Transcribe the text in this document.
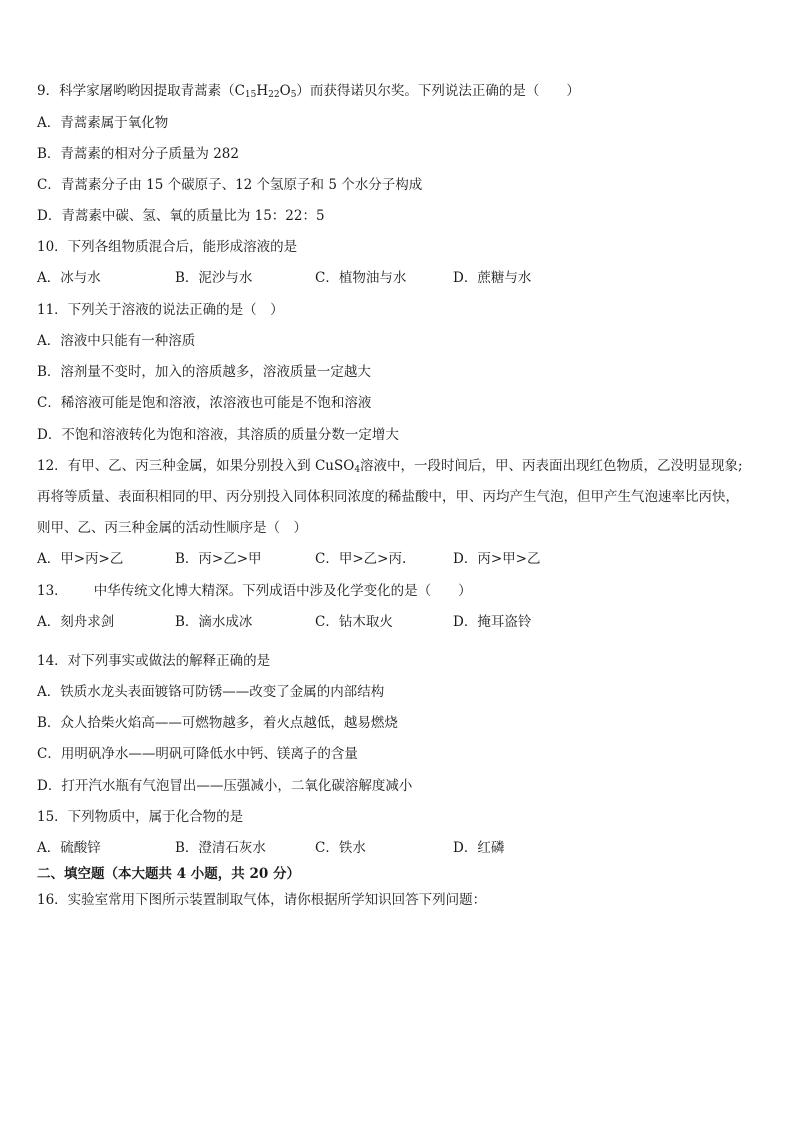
9．科学家屠哟哟因提取青蒿素$(C_{15}H_{22}O_5)$而获得诺贝尔奖。下列说法正确的是（　　）
A．青蒿素属于氧化物
B．青蒿素的相对分子质量为 282
C．青蒿素分子由 15 个碳原子、12 个氢原子和 5 个水分子构成
D．青蒿素中碳、氢、氧的质量比为 15：22：5
10．下列各组物质混合后，能形成溶液的是
A．冰与水	B．泥沙与水	C．植物油与水	D．蔗糖与水
11．下列关于溶液的说法正确的是（　）
A．溶液中只能有一种溶质
B．溶剂量不变时，加入的溶质越多，溶液质量一定越大
C．稀溶液可能是饱和溶液，浓溶液也可能是不饱和溶液
D．不饱和溶液转化为饱和溶液，其溶质的质量分数一定增大
12．有甲、乙、丙三种金属，如果分别投入到 CuSO$_4$溶液中，一段时间后，甲、丙表面出现红色物质，乙没明显现象;
再将等质量、表面积相同的甲、丙分别投入同体积同浓度的稀盐酸中，甲、丙均产生气泡，但甲产生气泡速率比丙快，
则甲、乙、丙三种金属的活动性顺序是（　）
A．甲>丙>乙	B．丙>乙>甲	C．甲>乙>丙.	D．丙>甲>乙
13． 中华传统文化博大精深。下列成语中涉及化学变化的是（　　）
A．刻舟求剑	B．滴水成冰	C．钻木取火	D．掩耳盗铃
14．对下列事实或做法的解释正确的是
A．铁质水龙头表面镀铬可防锈——改变了金属的内部结构
B．众人拾柴火焰高——可燃物越多，着火点越低，越易燃烧
C．用明矾净水——明矾可降低水中钙、镁离子的含量
D．打开汽水瓶有气泡冒出——压强减小，二氧化碳溶解度减小
15．下列物质中，属于化合物的是
A．硫酸锌	B．澄清石灰水	C．铁水	D．红磷
二、填空题（本大题共 4 小题，共 20 分）
16．实验室常用下图所示装置制取气体，请你根据所学知识回答下列问题：
